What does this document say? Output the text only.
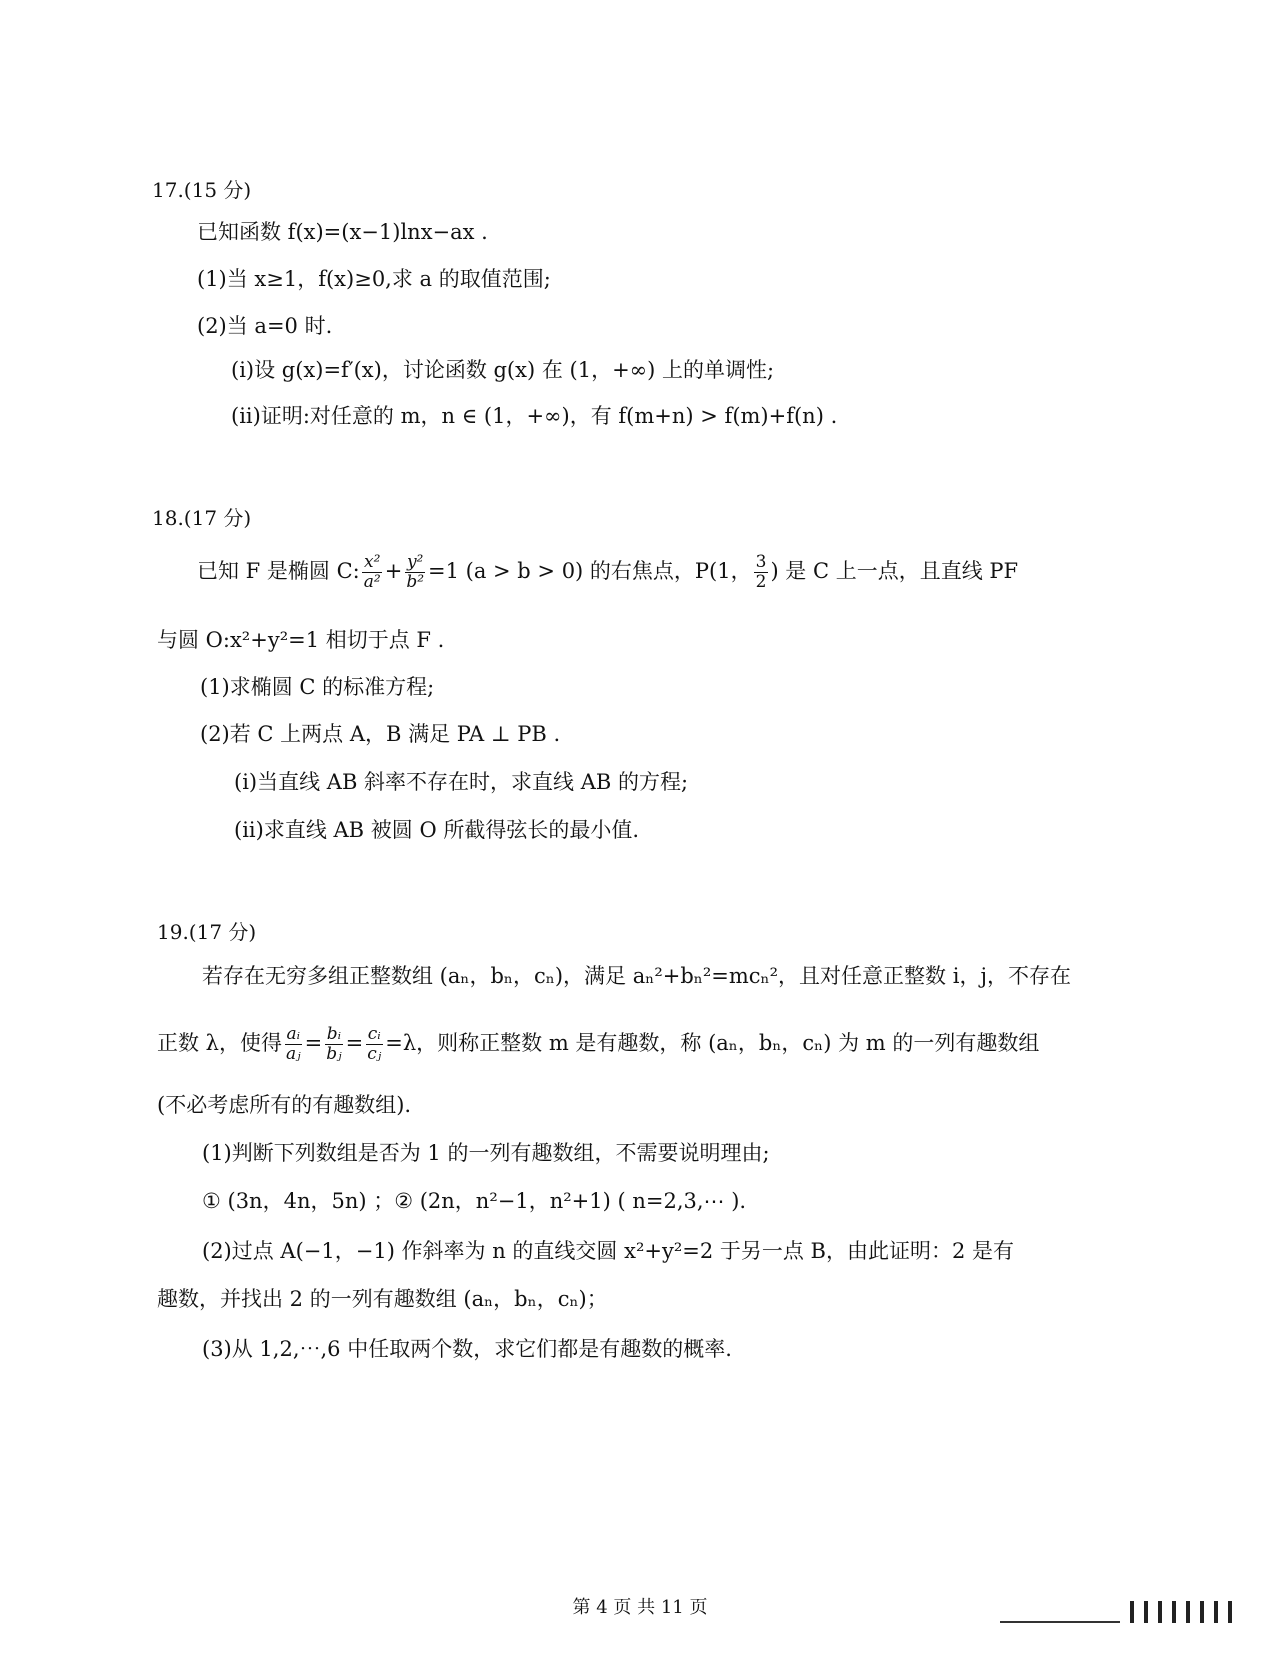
17.(15 分)
已知函数 f(x)=(x−1)lnx−ax .
(1)当 x≥1，f(x)≥0,求 a 的取值范围;
(2)当 a=0 时.
(i)设 g(x)=f′(x)，讨论函数 g(x) 在 (1，+∞) 上的单调性;
(ii)证明:对任意的 m，n ∈ (1，+∞)，有 f(m+n) > f(m)+f(n) .
18.(17 分)
已知 F 是椭圆 C: $\frac{\text{x²}}{\text{a²}} + \frac{\text{y²}}{\text{b²}} =1$ (a > b > 0) 的右焦点，P(1， $\frac{3}{2}$ ) 是 C 上一点，且直线 PF
与圆 O:x²+y²=1 相切于点 F .
(1)求椭圆 C 的标准方程;
(2)若 C 上两点 A，B 满足 PA ⊥ PB .
(i)当直线 AB 斜率不存在时，求直线 AB 的方程;
(ii)求直线 AB 被圆 O 所截得弦长的最小值.
19.(17 分)
若存在无穷多组正整数组 (aₙ，bₙ，cₙ)，满足 aₙ²+bₙ²=mcₙ²，且对任意正整数 i，j，不存在
正数 λ，使得 $\frac{\text{aᵢ}}{\text{aⱼ}} = \frac{\text{bᵢ}}{\text{bⱼ}} = \frac{\text{cᵢ}}{\text{cⱼ}} =\lambda$，则称正整数 m 是有趣数，称 (aₙ，bₙ，cₙ) 为 m 的一列有趣数组
(不必考虑所有的有趣数组).
(1)判断下列数组是否为 1 的一列有趣数组，不需要说明理由;
① (3n，4n，5n) ；② (2n，n²−1，n²+1) ( n=2,3,⋯ ).
(2)过点 A(−1，−1) 作斜率为 n 的直线交圆 x²+y²=2 于另一点 B，由此证明：2 是有
趣数，并找出 2 的一列有趣数组 (aₙ，bₙ，cₙ)；
(3)从 1,2,⋯,6 中任取两个数，求它们都是有趣数的概率.
第 4 页 共 11 页
